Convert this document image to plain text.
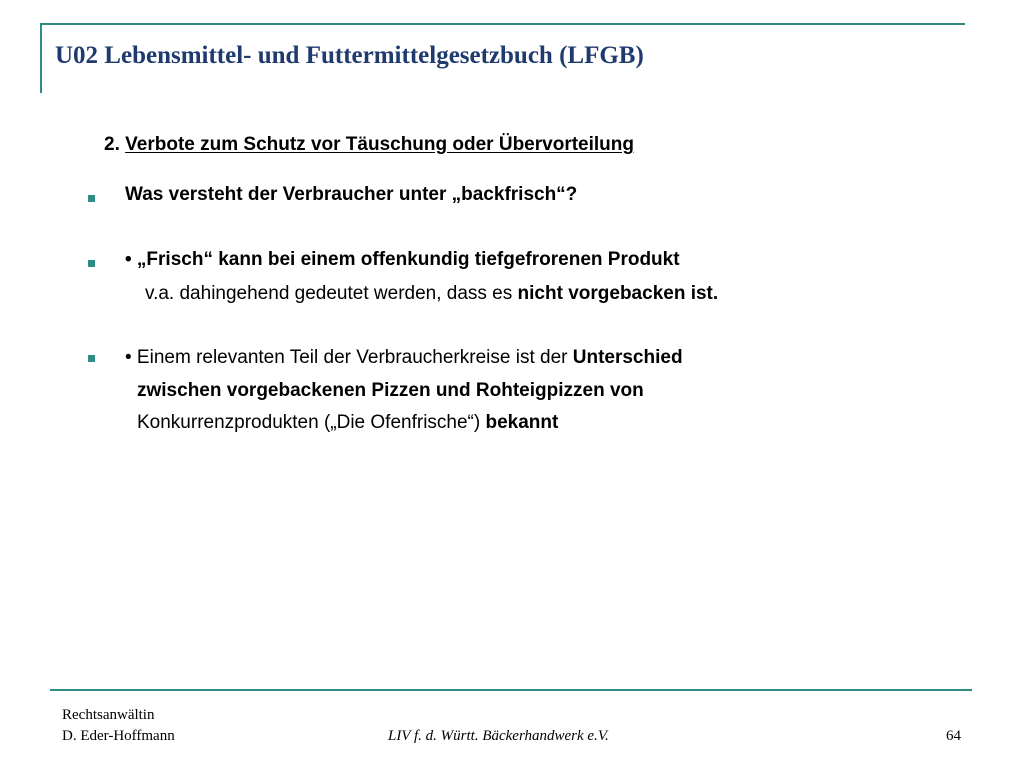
U02 Lebensmittel- und Futtermittelgesetzbuch (LFGB)
2. Verbote zum Schutz vor Täuschung oder Übervorteilung
Was versteht der Verbraucher unter „backfrisch“?
• „Frisch“ kann bei einem offenkundig tiefgefrorenen Produkt
v.a. dahingehend gedeutet werden, dass es nicht vorgebacken ist.
• Einem relevanten Teil der Verbraucherkreise ist der Unterschied
zwischen vorgebackenen Pizzen und Rohteigpizzen von
Konkurrenzprodukten („Die Ofenfrische“) bekannt
Rechtsanwältin
D. Eder-Hoffmann	LIV f. d. Württ. Bäckerhandwerk e.V.	64
